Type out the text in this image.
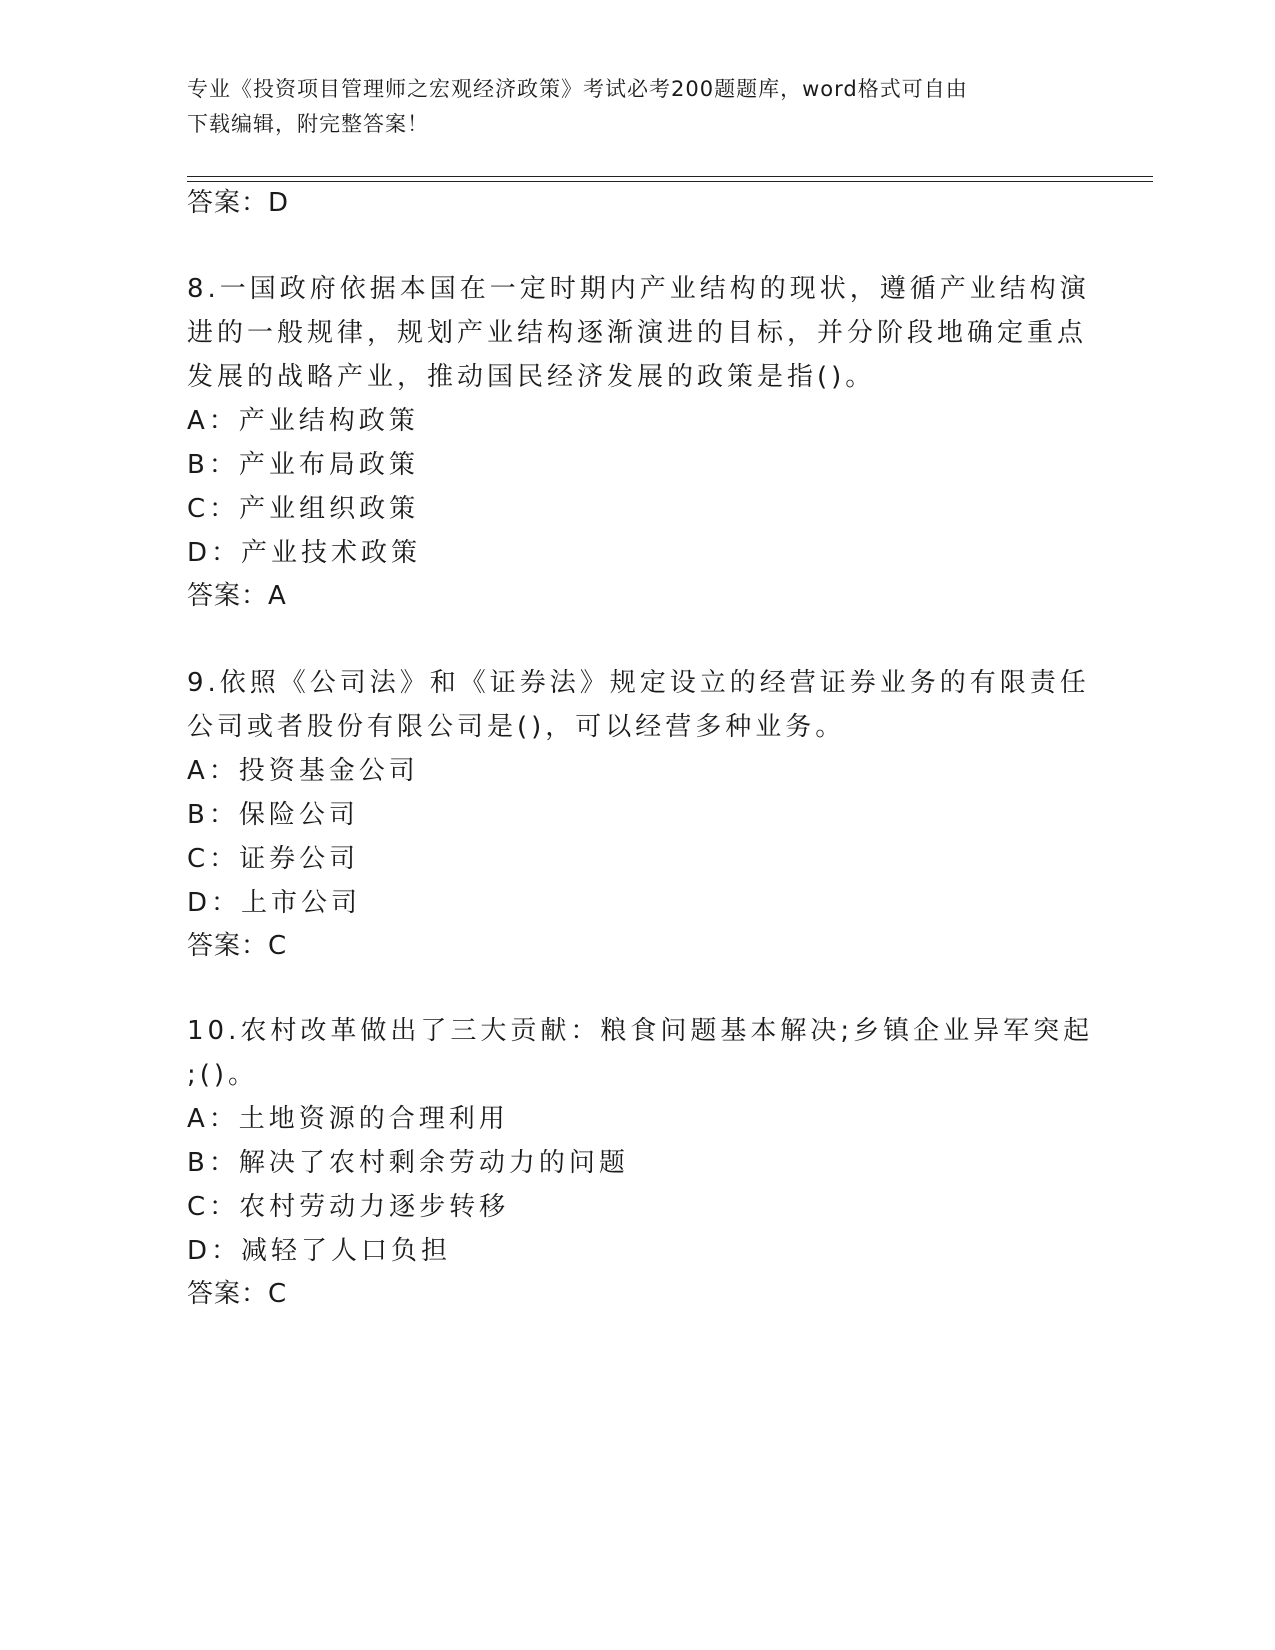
专业《投资项目管理师之宏观经济政策》考试必考200题题库，word格式可自由
下载编辑，附完整答案！
答案：D
8.一国政府依据本国在一定时期内产业结构的现状，遵循产业结构演
进的一般规律，规划产业结构逐渐演进的目标，并分阶段地确定重点
发展的战略产业，推动国民经济发展的政策是指()。
A：产业结构政策
B：产业布局政策
C：产业组织政策
D：产业技术政策
答案：A
9.依照《公司法》和《证券法》规定设立的经营证券业务的有限责任
公司或者股份有限公司是()，可以经营多种业务。
A：投资基金公司
B：保险公司
C：证券公司
D：上市公司
答案：C
10.农村改革做出了三大贡献：粮食问题基本解决;乡镇企业异军突起
;()。
A：土地资源的合理利用
B：解决了农村剩余劳动力的问题
C：农村劳动力逐步转移
D：减轻了人口负担
答案：C
